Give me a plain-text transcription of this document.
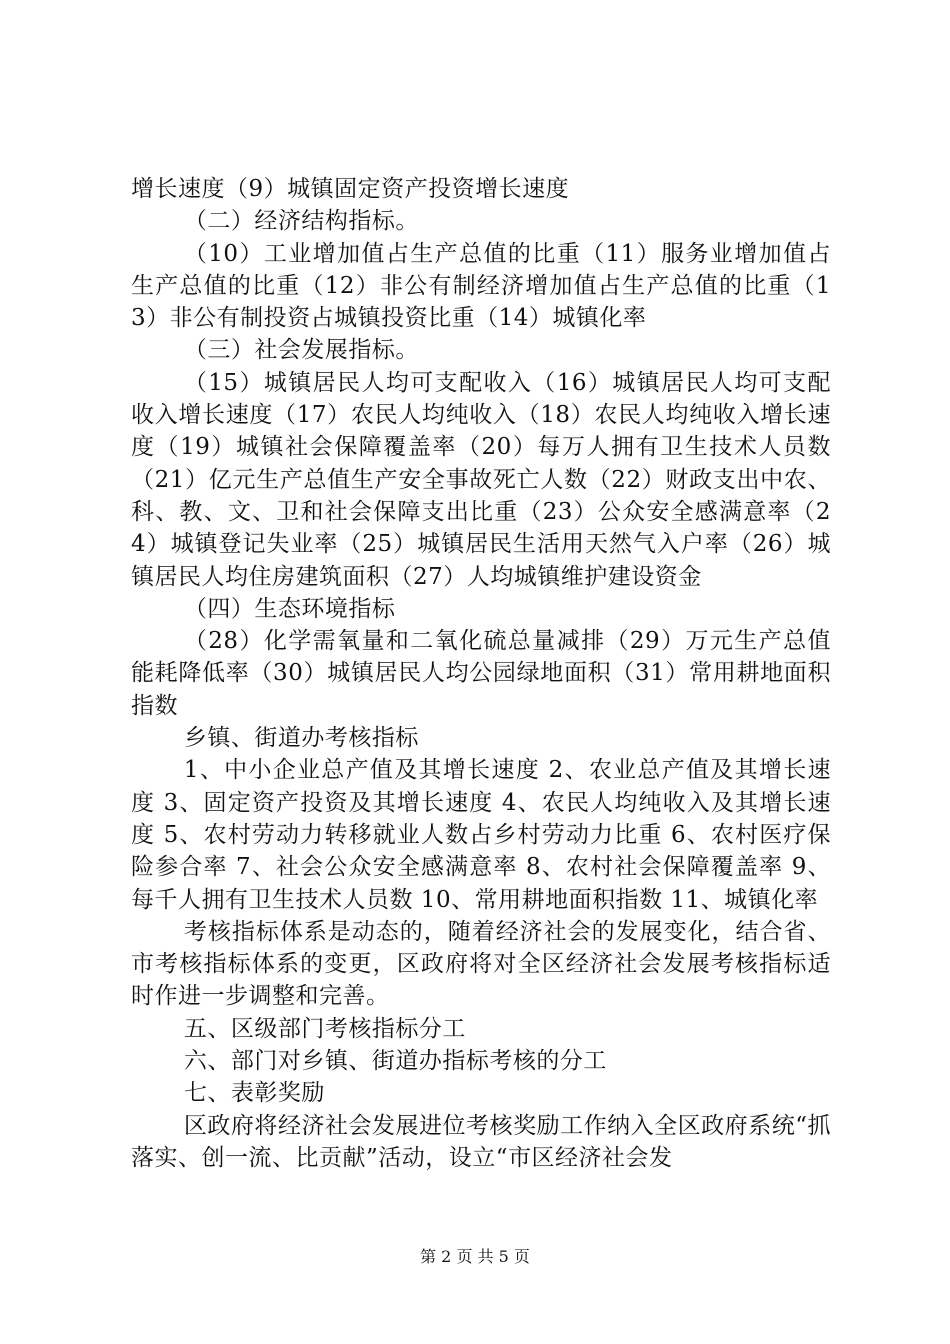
增长速度（9）城镇固定资产投资增长速度

（二）经济结构指标。

（10）工业增加值占生产总值的比重（11）服务业增加值占生产总值的比重（12）非公有制经济增加值占生产总值的比重（13）非公有制投资占城镇投资比重（14）城镇化率

（三）社会发展指标。

（15）城镇居民人均可支配收入（16）城镇居民人均可支配收入增长速度（17）农民人均纯收入（18）农民人均纯收入增长速度（19）城镇社会保障覆盖率（20）每万人拥有卫生技术人员数（21）亿元生产总值生产安全事故死亡人数（22）财政支出中农、科、教、文、卫和社会保障支出比重（23）公众安全感满意率（24）城镇登记失业率（25）城镇居民生活用天然气入户率（26）城镇居民人均住房建筑面积（27）人均城镇维护建设资金

（四）生态环境指标

（28）化学需氧量和二氧化硫总量减排（29）万元生产总值能耗降低率（30）城镇居民人均公园绿地面积（31）常用耕地面积指数

乡镇、街道办考核指标

1、中小企业总产值及其增长速度 2、农业总产值及其增长速度 3、固定资产投资及其增长速度 4、农民人均纯收入及其增长速度 5、农村劳动力转移就业人数占乡村劳动力比重 6、农村医疗保险参合率 7、社会公众安全感满意率 8、农村社会保障覆盖率 9、每千人拥有卫生技术人员数 10、常用耕地面积指数 11、城镇化率

考核指标体系是动态的，随着经济社会的发展变化，结合省、市考核指标体系的变更，区政府将对全区经济社会发展考核指标适时作进一步调整和完善。

五、区级部门考核指标分工

六、部门对乡镇、街道办指标考核的分工

七、表彰奖励

区政府将经济社会发展进位考核奖励工作纳入全区政府系统“抓落实、创一流、比贡献”活动，设立“市区经济社会发

第 2 页 共 5 页
